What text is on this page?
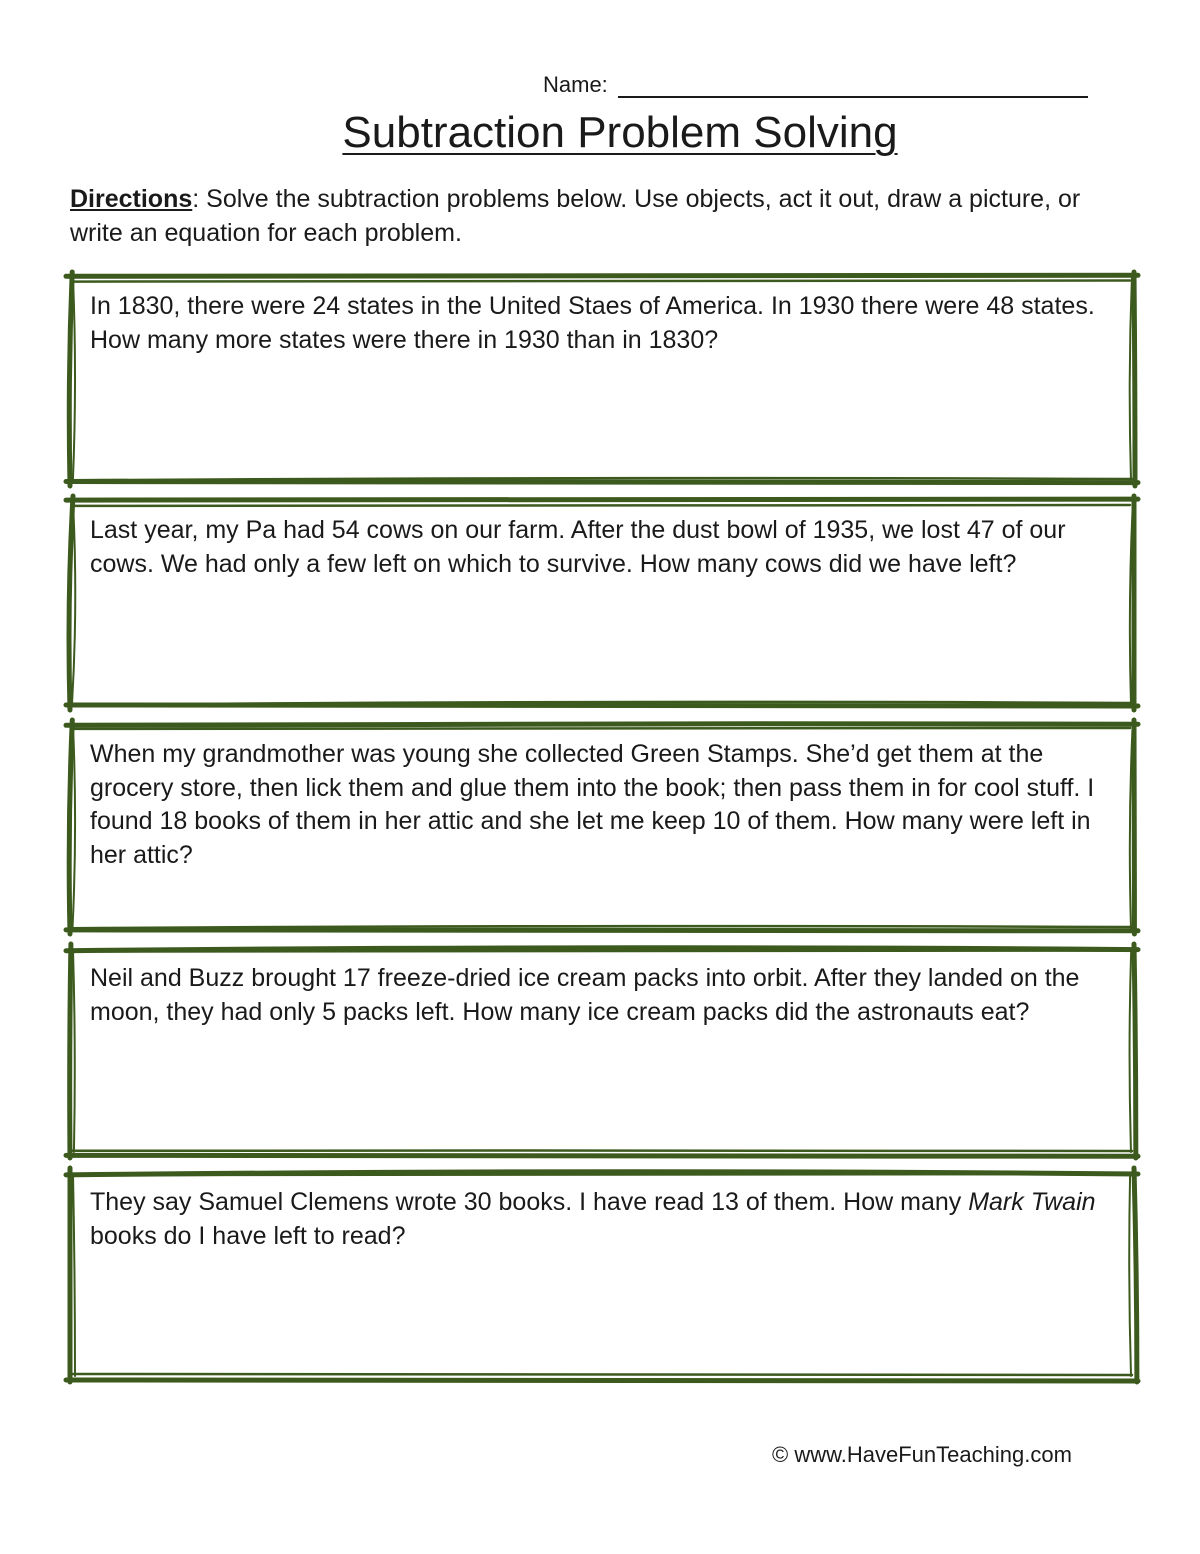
Name:
Subtraction Problem Solving

Directions: Solve the subtraction problems below. Use objects, act it out, draw a picture, or write an equation for each problem.

In 1830, there were 24 states in the United Staes of America. In 1930 there were 48 states. How many more states were there in 1930 than in 1830?

Last year, my Pa had 54 cows on our farm. After the dust bowl of 1935, we lost 47 of our cows. We had only a few left on which to survive. How many cows did we have left?

When my grandmother was young she collected Green Stamps. She’d get them at the grocery store, then lick them and glue them into the book; then pass them in for cool stuff. I found 18 books of them in her attic and she let me keep 10 of them. How many were left in her attic?

Neil and Buzz brought 17 freeze-dried ice cream packs into orbit. After they landed on the moon, they had only 5 packs left. How many ice cream packs did the astronauts eat?

They say Samuel Clemens wrote 30 books. I have read 13 of them. How many Mark Twain books do I have left to read?

© www.HaveFunTeaching.com
